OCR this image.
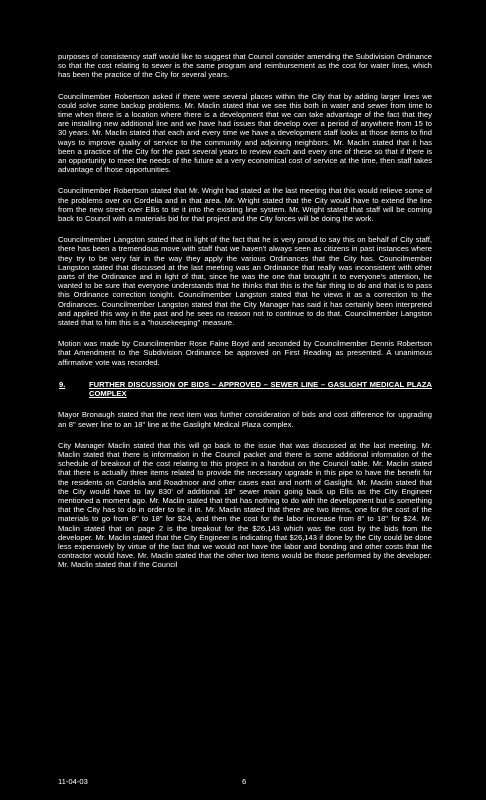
purposes of consistency staff would like to suggest that Council consider amending the Subdivision Ordinance so that the cost relating to sewer is the same program and reimbursement as the cost for water lines, which has been the practice of the City for several years.

Councilmember Robertson asked if there were several places within the City that by adding larger lines we could solve some backup problems. Mr. Maclin stated that we see this both in water and sewer from time to time when there is a location where there is a development that we can take advantage of the fact that they are installing new additional line and we have had issues that develop over a period of anywhere from 15 to 30 years. Mr. Maclin stated that each and every time we have a development staff looks at those items to find ways to improve quality of service to the community and adjoining neighbors. Mr. Maclin stated that it has been a practice of the City for the past several years to review each and every one of these so that if there is an opportunity to meet the needs of the future at a very economical cost of service at the time, then staff takes advantage of those opportunities.

Councilmember Robertson stated that Mr. Wright had stated at the last meeting that this would relieve some of the problems over on Cordelia and in that area. Mr. Wright stated that the City would have to extend the line from the new street over Ellis to tie it into the existing line system. Mr. Wright stated that staff will be coming back to Council with a materials bid for that project and the City forces will be doing the work.

Councilmember Langston stated that in light of the fact that he is very proud to say this on behalf of City staff, there has been a tremendous move with staff that we haven't always seen as citizens in past instances where they try to be very fair in the way they apply the various Ordinances that the City has. Councilmember Langston stated that discussed at the last meeting was an Ordinance that really was inconsistent with other parts of the Ordinance and in light of that, since he was the one that brought it to everyone's attention, he wanted to be sure that everyone understands that he thinks that this is the fair thing to do and that is to pass this Ordinance correction tonight. Councilmember Langston stated that he views it as a correction to the Ordinances. Councilmember Langston stated that the City Manager has said it has certainly been interpreted and applied this way in the past and he sees no reason not to continue to do that. Councilmember Langston stated that to him this is a "housekeeping" measure.

Motion was made by Councilmember Rose Faine Boyd and seconded by Councilmember Dennis Robertson that Amendment to the Subdivision Ordinance be approved on First Reading as presented. A unanimous affirmative vote was recorded.

9.	FURTHER DISCUSSION OF BIDS – APPROVED – SEWER LINE – GASLIGHT MEDICAL PLAZA COMPLEX

Mayor Bronaugh stated that the next item was further consideration of bids and cost difference for upgrading an 8" sewer line to an 18" line at the Gaslight Medical Plaza complex.

City Manager Maclin stated that this will go back to the issue that was discussed at the last meeting. Mr. Maclin stated that there is information in the Council packet and there is some additional information of the schedule of breakout of the cost relating to this project in a handout on the Council table. Mr. Maclin stated that there is actually three items related to provide the necessary upgrade in this pipe to have the benefit for the residents on Cordelia and Roadmoor and other cases east and north of Gaslight. Mr. Maclin stated that the City would have to lay 830' of additional 18" sewer main going back up Ellis as the City Engineer mentioned a moment ago. Mr. Maclin stated that that has nothing to do with the development but is something that the City has to do in order to tie it in. Mr. Maclin stated that there are two items, one for the cost of the materials to go from 8" to 18" for $24, and then the cost for the labor increase from 8" to 18" for $24. Mr. Maclin stated that on page 2 is the breakout for the $26,143 which was the cost by the bids from the developer. Mr. Maclin stated that the City Engineer is indicating that $26,143 if done by the City could be done less expensively by virtue of the fact that we would not have the labor and bonding and other costs that the contractor would have. Mr. Maclin stated that the other two items would be those performed by the developer. Mr. Maclin stated that if the Council

11-04-03	6
